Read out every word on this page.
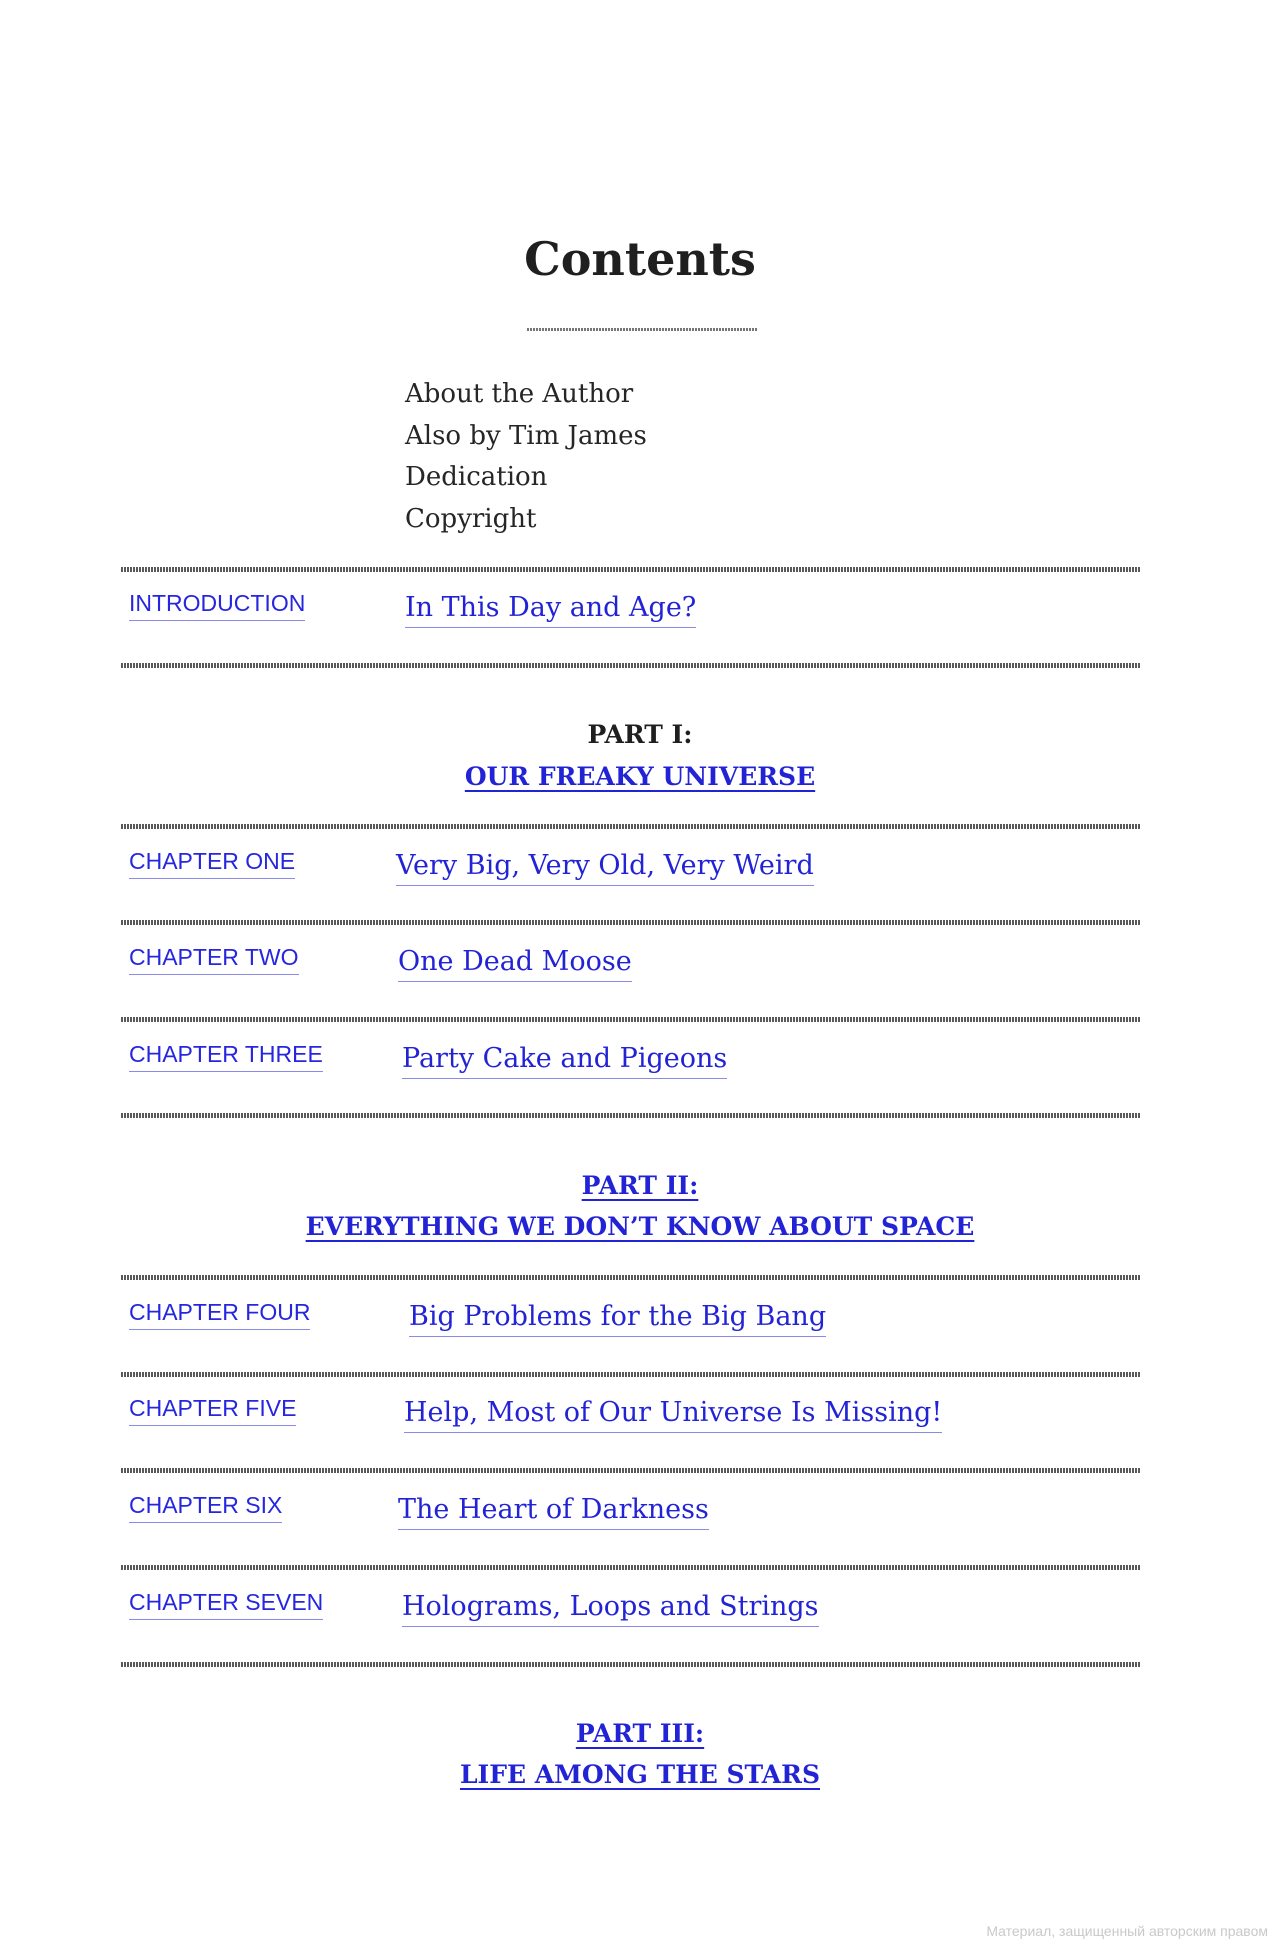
Contents
About the Author
Also by Tim James
Dedication
Copyright
INTRODUCTION	In This Day and Age?
PART I:
OUR FREAKY UNIVERSE
CHAPTER ONE	Very Big, Very Old, Very Weird
CHAPTER TWO	One Dead Moose
CHAPTER THREE	Party Cake and Pigeons
PART II:
EVERYTHING WE DON’T KNOW ABOUT SPACE
CHAPTER FOUR	Big Problems for the Big Bang
CHAPTER FIVE	Help, Most of Our Universe Is Missing!
CHAPTER SIX	The Heart of Darkness
CHAPTER SEVEN	Holograms, Loops and Strings
PART III:
LIFE AMONG THE STARS
Материал, защищенный авторским правом
